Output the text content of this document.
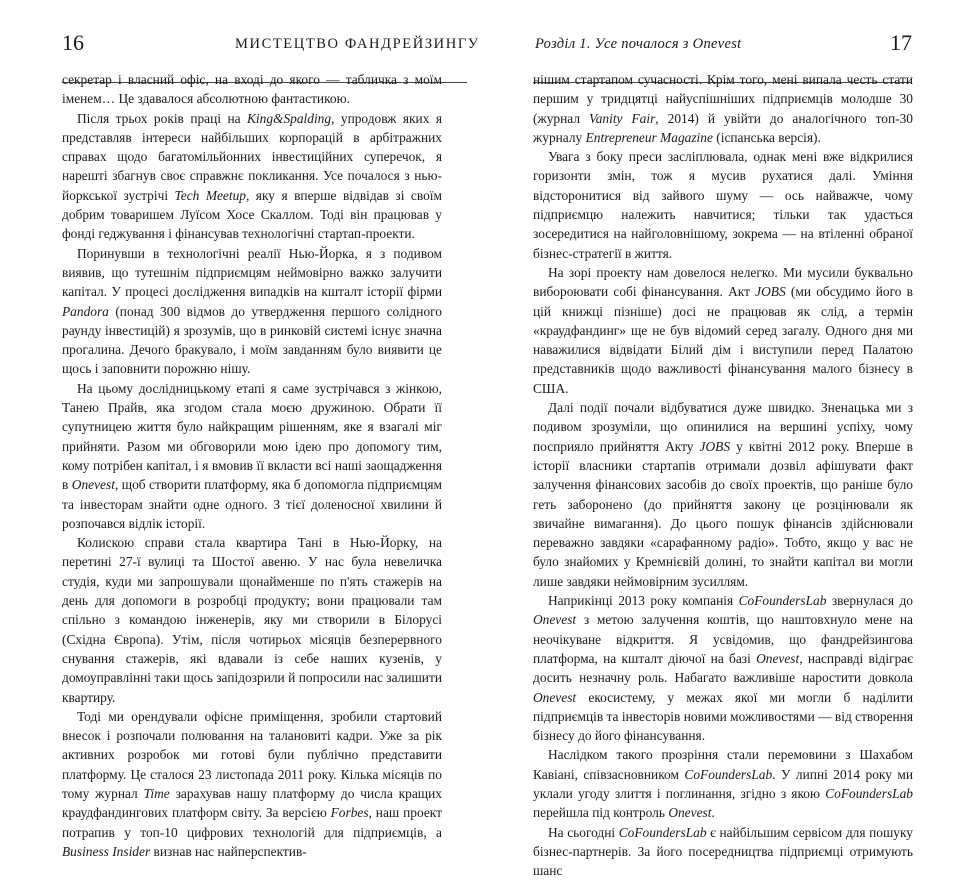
16	МИСТЕЦТВО ФАНДРЕЙЗИНГУ

секретар і власний офіс, на вході до якого — табличка з моїм іменем… Це здавалося абсолютною фантастикою.

Після трьох років праці на King&Spalding, упродовж яких я представляв інтереси найбільших корпорацій в арбітражних справах щодо багатомільйонних інвестиційних суперечок, я нарешті збагнув своє справжнє покликання. Усе почалося з нью-йоркської зустрічі Tech Meetup, яку я вперше відвідав зі своїм добрим товаришем Луїсом Хосе Скаллом. Тоді він працював у фонді геджування і фінансував технологічні стартап-проекти.

Поринувши в технологічні реалії Нью-Йорка, я з подивом виявив, що тутешнім підприємцям неймовірно важко залучити капітал. У процесі дослідження випадків на кшталт історії фірми Pandora (понад 300 відмов до утвердження першого солідного раунду інвестицій) я зрозумів, що в ринковій системі існує значна прогалина. Дечого бракувало, і моїм завданням було виявити це щось і заповнити порожню нішу.

На цьому дослідницькому етапі я саме зустрічався з жінкою, Танею Прайв, яка згодом стала моєю дружиною. Обрати її супутницею життя було найкращим рішенням, яке я взагалі міг прийняти. Разом ми обговорили мою ідею про допомогу тим, кому потрібен капітал, і я вмовив її вкласти всі наші заощадження в Onevest, щоб створити платформу, яка б допомогла підприємцям та інвесторам знайти одне одного. З тієї доленосної хвилини й розпочався відлік історії.

Колискою справи стала квартира Тані в Нью-Йорку, на перетині 27-ї вулиці та Шостої авеню. У нас була невеличка студія, куди ми запрошували щонайменше по п'ять стажерів на день для допомоги в розробці продукту; вони працювали там спільно з командою інженерів, яку ми створили в Білорусі (Східна Європа). Утім, після чотирьох місяців безперервного снування стажерів, які вдавали із себе наших кузенів, у домоуправлінні таки щось запідозрили й попросили нас залишити квартиру.

Тоді ми орендували офісне приміщення, зробили стартовий внесок і розпочали полювання на талановиті кадри. Уже за рік активних розробок ми готові були публічно представити платформу. Це сталося 23 листопада 2011 року. Кілька місяців по тому журнал Time зарахував нашу платформу до числа кращих краудфандингових платформ світу. За версією Forbes, наш проект потрапив у топ-10 цифрових технологій для підприємців, а Business Insider визнав нас найперспектив-

Розділ 1. Усе почалося з Onevest	17

нішим стартапом сучасності. Крім того, мені випала честь стати першим у тридцятці найуспішніших підприємців молодше 30 (журнал Vanity Fair, 2014) й увійти до аналогічного топ-30 журналу Entrepreneur Magazine (іспанська версія).

Увага з боку преси засліплювала, однак мені вже відкрилися горизонти змін, тож я мусив рухатися далі. Уміння відсторонитися від зайвого шуму — ось найважче, чому підприємцю належить навчитися; тільки так удасться зосередитися на найголовнішому, зокрема — на втіленні обраної бізнес-стратегії в життя.

На зорі проекту нам довелося нелегко. Ми мусили буквально вибороювати собі фінансування. Акт JOBS (ми обсудимо його в цій книжці пізніше) досі не працював як слід, а термін «краудфандинг» ще не був відомий серед загалу. Одного дня ми наважилися відвідати Білий дім і виступили перед Палатою представників щодо важливості фінансування малого бізнесу в США.

Далі події почали відбуватися дуже швидко. Зненацька ми з подивом зрозуміли, що опинилися на вершині успіху, чому посприяло прийняття Акту JOBS у квітні 2012 року. Вперше в історії власники стартапів отримали дозвіл афішувати факт залучення фінансових засобів до своїх проектів, що раніше було геть заборонено (до прийняття закону це розцінювали як звичайне вимагання). До цього пошук фінансів здійснювали переважно завдяки «сарафанному радіо». Тобто, якщо у вас не було знайомих у Кремнієвій долині, то знайти капітал ви могли лише завдяки неймовірним зусиллям.

Наприкінці 2013 року компанія CoFoundersLab звернулася до Onevest з метою залучення коштів, що наштовхнуло мене на неочікуване відкриття. Я усвідомив, що фандрейзингова платформа, на кшталт діючої на базі Onevest, насправді відіграє досить незначну роль. Набагато важливіше наростити довкола Onevest екосистему, у межах якої ми могли б наділити підприємців та інвесторів новими можливостями — від створення бізнесу до його фінансування.

Наслідком такого прозріння стали перемовини з Шахабом Кавіані, співзасновником CoFoundersLab. У липні 2014 року ми уклали угоду злиття і поглинання, згідно з якою CoFoundersLab перейшла під контроль Onevest.

На сьогодні CoFoundersLab є найбільшим сервісом для пошуку бізнес-партнерів. За його посередництва підприємці отримують шанс
